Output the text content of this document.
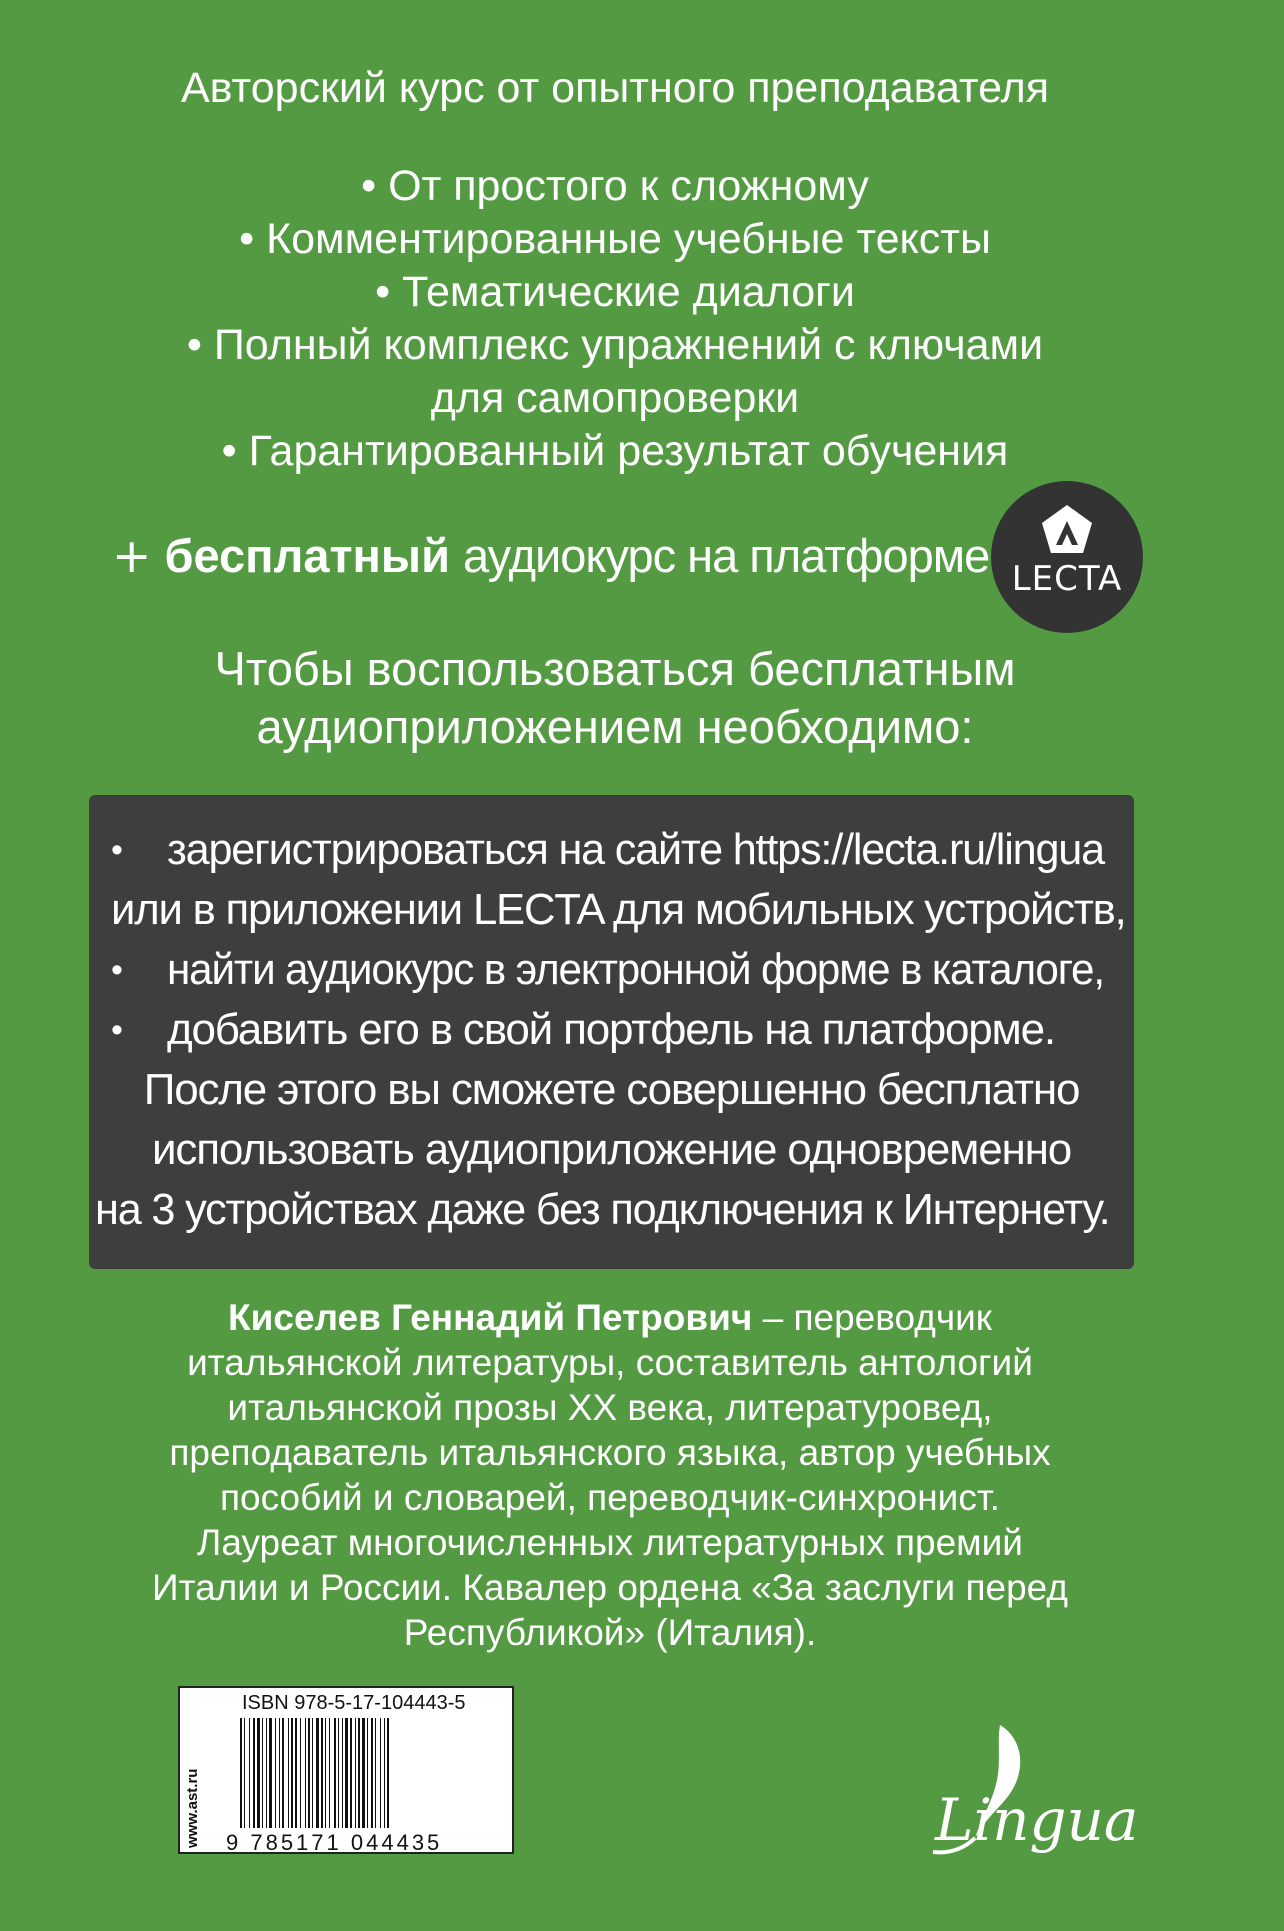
Авторский курс от опытного преподавателя
• От простого к сложному
• Комментированные учебные тексты
• Тематические диалоги
• Полный комплекс упражнений с ключами
для самопроверки
• Гарантированный результат обучения
+ бесплатный аудиокурс на платформе LECTA
Чтобы воспользоваться бесплатным
аудиоприложением необходимо:
• зарегистрироваться на сайте https://lecta.ru/lingua
или в приложении LECTA для мобильных устройств,
• найти аудиокурс в электронной форме в каталоге,
• добавить его в свой портфель на платформе.
После этого вы сможете совершенно бесплатно
использовать аудиоприложение одновременно
на 3 устройствах даже без подключения к Интернету.
Киселев Геннадий Петрович – переводчик
итальянской литературы, составитель антологий
итальянской прозы XX века, литературовед,
преподаватель итальянского языка, автор учебных
пособий и словарей, переводчик-синхронист.
Лауреат многочисленных литературных премий
Италии и России. Кавалер ордена «За заслуги перед
Республикой» (Италия).
www.ast.ru
ISBN 978-5-17-104443-5
9 785171 044435	Lingua
